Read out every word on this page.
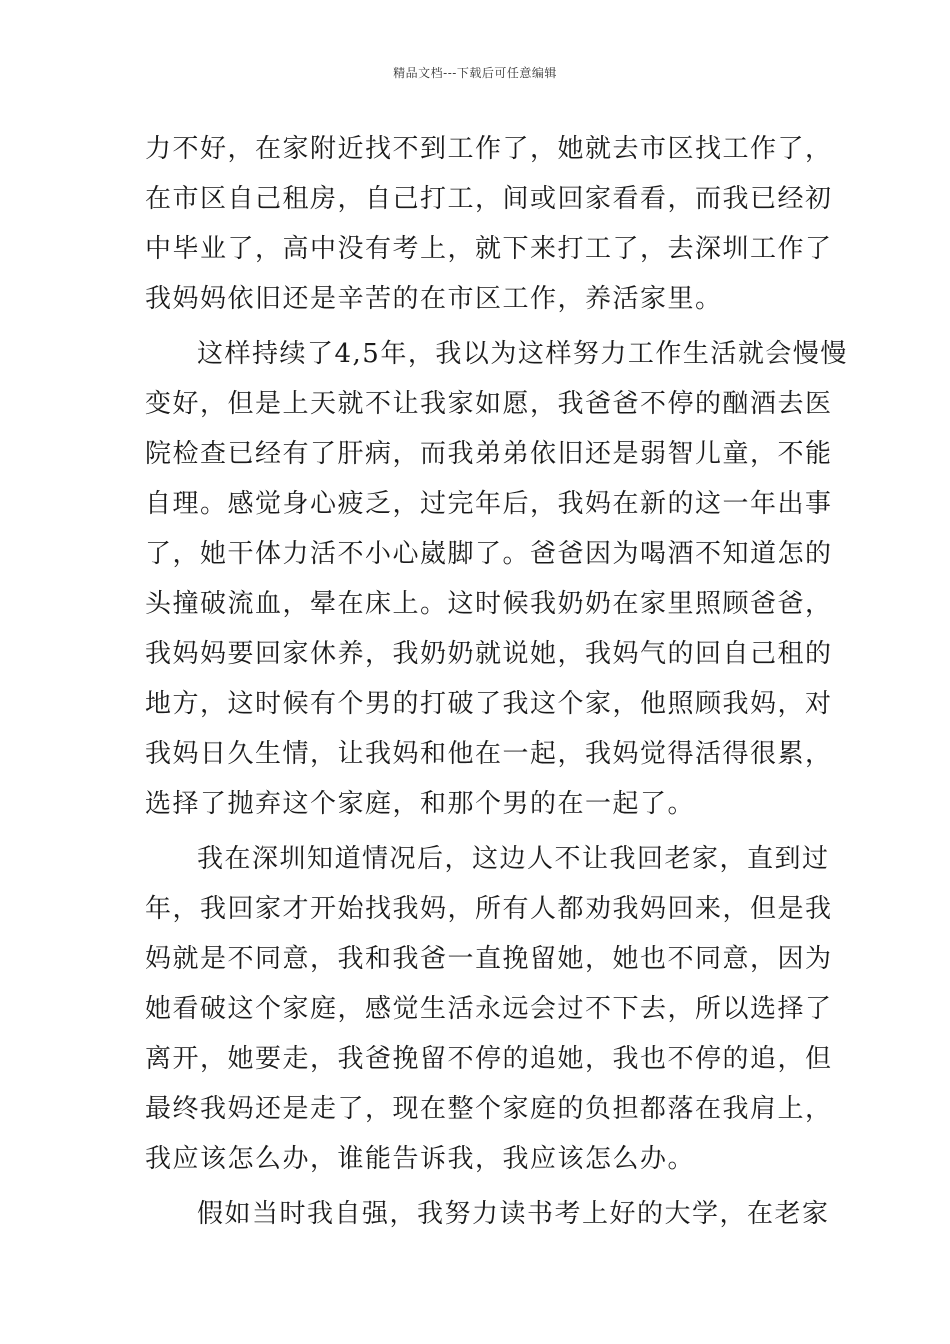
精品文档---下载后可任意编辑
力不好，在家附近找不到工作了，她就去市区找工作了，
在市区自己租房，自己打工，间或回家看看，而我已经初
中毕业了，高中没有考上，就下来打工了，去深圳工作了
我妈妈依旧还是辛苦的在市区工作，养活家里。
这样持续了4,5年，我以为这样努力工作生活就会慢慢
变好，但是上天就不让我家如愿，我爸爸不停的酗酒去医
院检查已经有了肝病，而我弟弟依旧还是弱智儿童，不能
自理。感觉身心疲乏，过完年后，我妈在新的这一年出事
了，她干体力活不小心崴脚了。爸爸因为喝酒不知道怎的
头撞破流血，晕在床上。这时候我奶奶在家里照顾爸爸，
我妈妈要回家休养，我奶奶就说她，我妈气的回自己租的
地方，这时候有个男的打破了我这个家，他照顾我妈，对
我妈日久生情，让我妈和他在一起，我妈觉得活得很累，
选择了抛弃这个家庭，和那个男的在一起了。
我在深圳知道情况后，这边人不让我回老家，直到过
年，我回家才开始找我妈，所有人都劝我妈回来，但是我
妈就是不同意，我和我爸一直挽留她，她也不同意，因为
她看破这个家庭，感觉生活永远会过不下去，所以选择了
离开，她要走，我爸挽留不停的追她，我也不停的追，但
最终我妈还是走了，现在整个家庭的负担都落在我肩上，
我应该怎么办，谁能告诉我，我应该怎么办。
假如当时我自强，我努力读书考上好的大学，在老家
